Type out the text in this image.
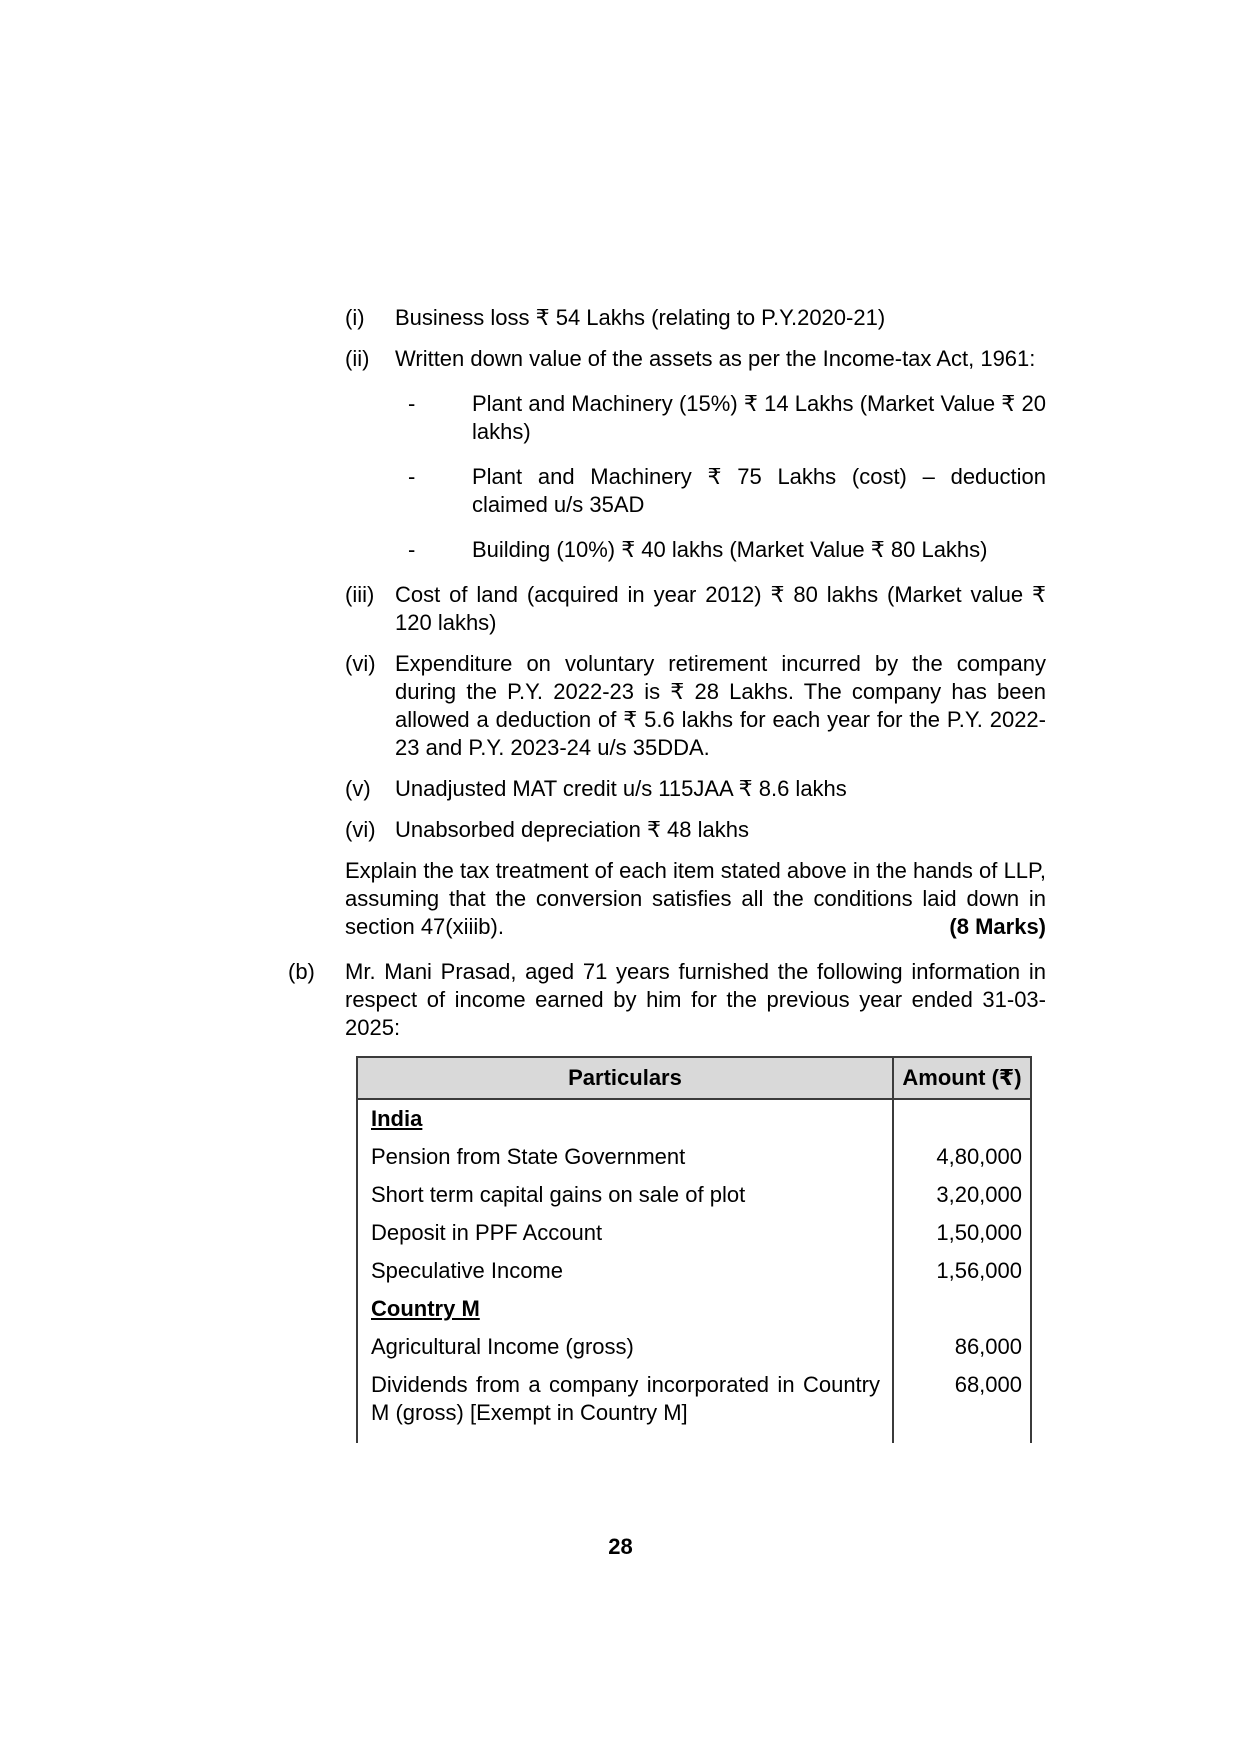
(i)	Business loss ₹ 54 Lakhs (relating to P.Y.2020-21)
(ii)	Written down value of the assets as per the Income-tax Act, 1961:
-	Plant and Machinery (15%) ₹ 14 Lakhs (Market Value ₹ 20 lakhs)
-	Plant and Machinery ₹ 75 Lakhs (cost) – deduction claimed u/s 35AD
-	Building (10%) ₹ 40 lakhs (Market Value ₹ 80 Lakhs)
(iii) Cost of land (acquired in year 2012) ₹ 80 lakhs (Market value ₹ 120 lakhs)
(vi) Expenditure on voluntary retirement incurred by the company during the P.Y. 2022-23 is ₹ 28 Lakhs. The company has been allowed a deduction of ₹ 5.6 lakhs for each year for the P.Y. 2022-23 and P.Y. 2023-24 u/s 35DDA.
(v)	Unadjusted MAT credit u/s 115JAA ₹ 8.6 lakhs
(vi) Unabsorbed depreciation ₹ 48 lakhs

Explain the tax treatment of each item stated above in the hands of LLP, assuming that the conversion satisfies all the conditions laid down in section 47(xiiib).	(8 Marks)

(b)	Mr. Mani Prasad, aged 71 years furnished the following information in respect of income earned by him for the previous year ended 31-03-2025:
Particulars	Amount (₹)
India	
Pension from State Government	4,80,000
Short term capital gains on sale of plot	3,20,000
Deposit in PPF Account	1,50,000
Speculative Income	1,56,000
Country M	
Agricultural Income (gross)	86,000
Dividends from a company incorporated in Country M (gross) [Exempt in Country M]	68,000
28
